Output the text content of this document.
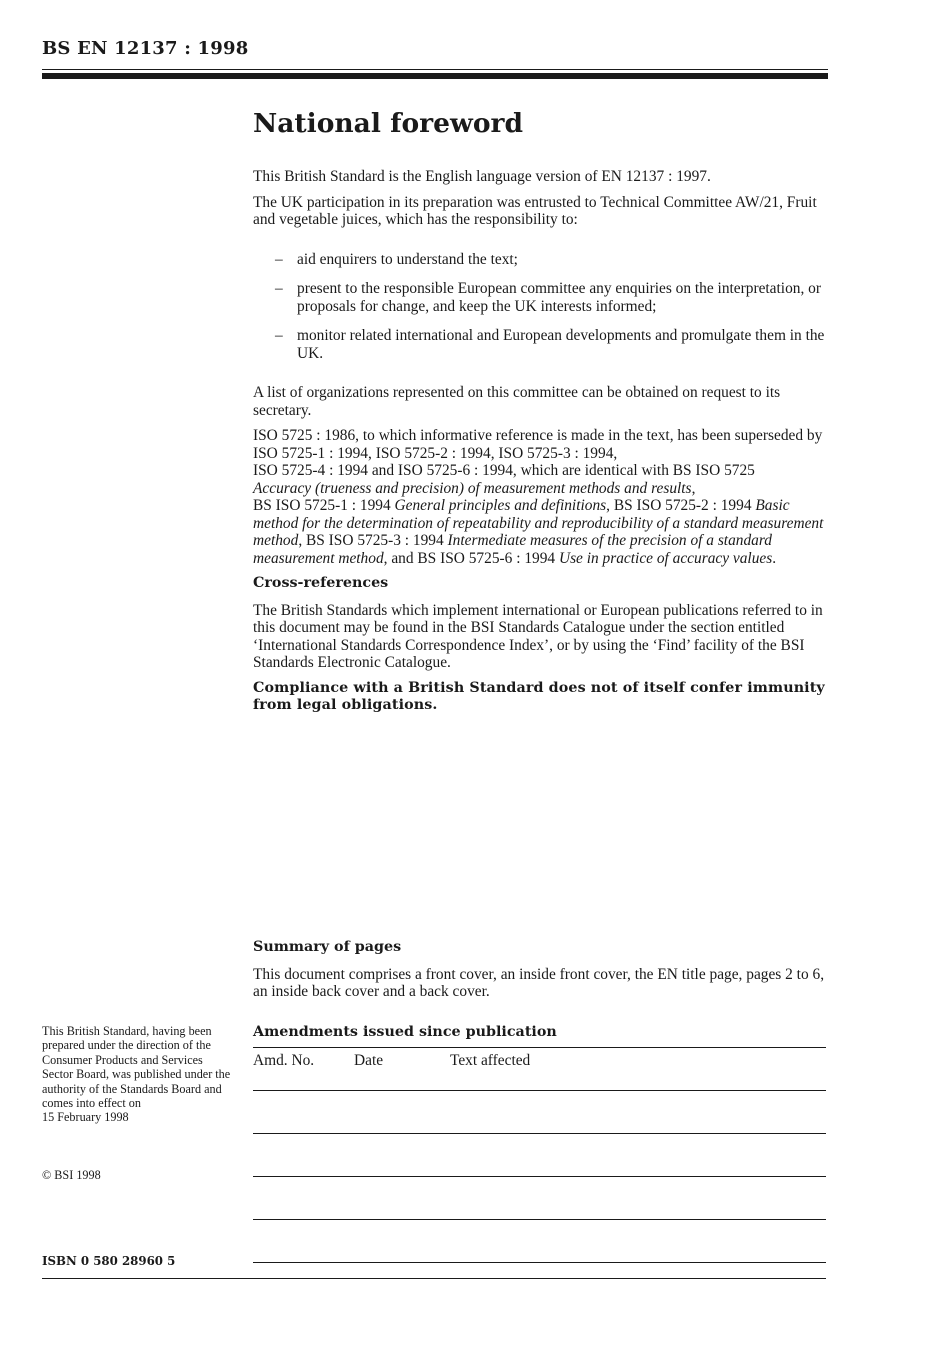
BS EN 12137 : 1998
National foreword

This British Standard is the English language version of EN 12137 : 1997.

The UK participation in its preparation was entrusted to Technical Committee AW/21, Fruit and vegetable juices, which has the responsibility to:

– aid enquirers to understand the text;
– present to the responsible European committee any enquiries on the interpretation, or proposals for change, and keep the UK interests informed;
– monitor related international and European developments and promulgate them in the UK.

A list of organizations represented on this committee can be obtained on request to its secretary.

ISO 5725 : 1986, to which informative reference is made in the text, has been superseded by ISO 5725-1 : 1994, ISO 5725-2 : 1994, ISO 5725-3 : 1994,
ISO 5725-4 : 1994 and ISO 5725-6 : 1994, which are identical with BS ISO 5725
Accuracy (trueness and precision) of measurement methods and results,
BS ISO 5725-1 : 1994 General principles and definitions, BS ISO 5725-2 : 1994 Basic method for the determination of repeatability and reproducibility of a standard measurement method, BS ISO 5725-3 : 1994 Intermediate measures of the precision of a standard measurement method, and BS ISO 5725-6 : 1994 Use in practice of accuracy values.

Cross-references

The British Standards which implement international or European publications referred to in this document may be found in the BSI Standards Catalogue under the section entitled ‘International Standards Correspondence Index’, or by using the ‘Find’ facility of the BSI Standards Electronic Catalogue.

Compliance with a British Standard does not of itself confer immunity from legal obligations.

Summary of pages

This document comprises a front cover, an inside front cover, the EN title page, pages 2 to 6, an inside back cover and a back cover.

Amendments issued since publication

Amd. No.	Date	Text affected
This British Standard, having been prepared under the direction of the Consumer Products and Services Sector Board, was published under the authority of the Standards Board and comes into effect on
15 February 1998
© BSI 1998
ISBN 0 580 28960 5
